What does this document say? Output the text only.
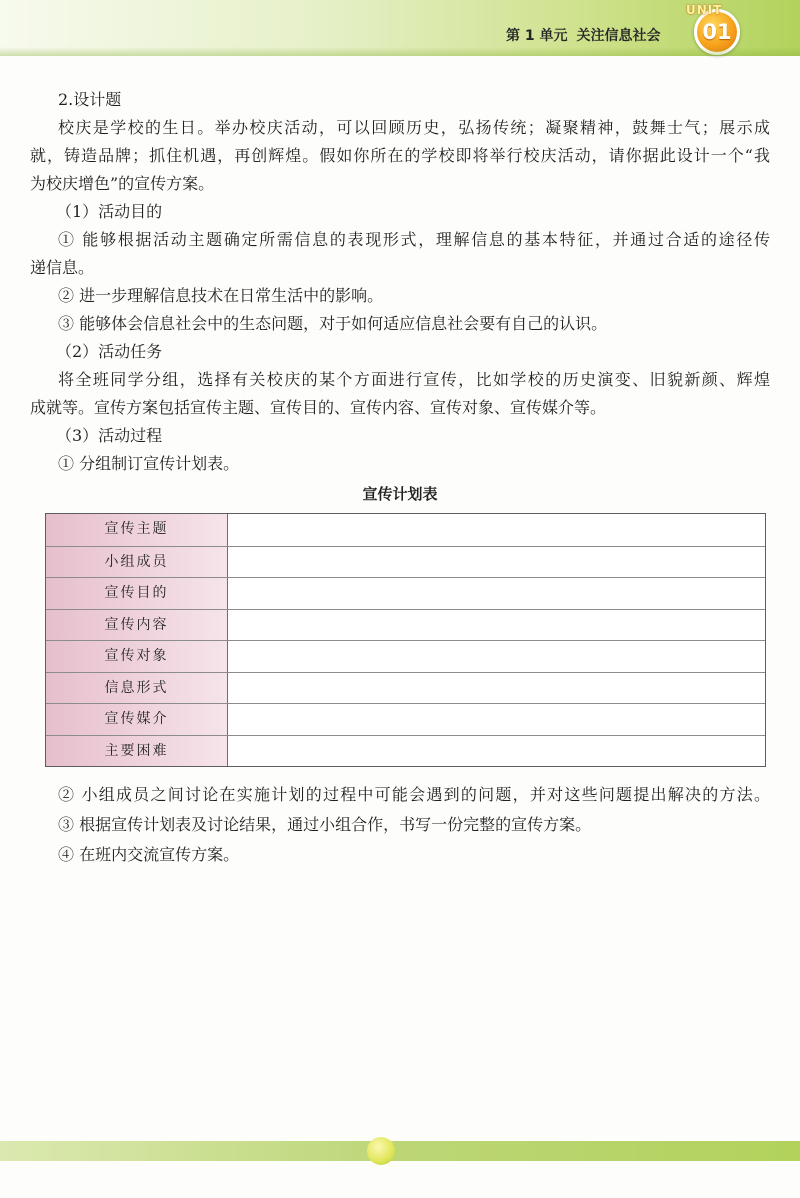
第 1 单元 关注信息社会	01
UNIT

2.设计题

校庆是学校的生日。举办校庆活动，可以回顾历史，弘扬传统；凝聚精神，鼓舞士气；展示成

就，铸造品牌；抓住机遇，再创辉煌。假如你所在的学校即将举行校庆活动，请你据此设计一个“我

为校庆增色”的宣传方案。

（1）活动目的

① 能够根据活动主题确定所需信息的表现形式，理解信息的基本特征，并通过合适的途径传

递信息。

② 进一步理解信息技术在日常生活中的影响。

③ 能够体会信息社会中的生态问题，对于如何适应信息社会要有自己的认识。

（2）活动任务

将全班同学分组，选择有关校庆的某个方面进行宣传，比如学校的历史演变、旧貌新颜、辉煌

成就等。宣传方案包括宣传主题、宣传目的、宣传内容、宣传对象、宣传媒介等。

（3）活动过程

① 分组制订宣传计划表。

宣传计划表
宣传主题
小组成员
宣传目的
宣传内容
宣传对象
信息形式
宣传媒介
主要困难

② 小组成员之间讨论在实施计划的过程中可能会遇到的问题，并对这些问题提出解决的方法。

③ 根据宣传计划表及讨论结果，通过小组合作，书写一份完整的宣传方案。

④ 在班内交流宣传方案。
